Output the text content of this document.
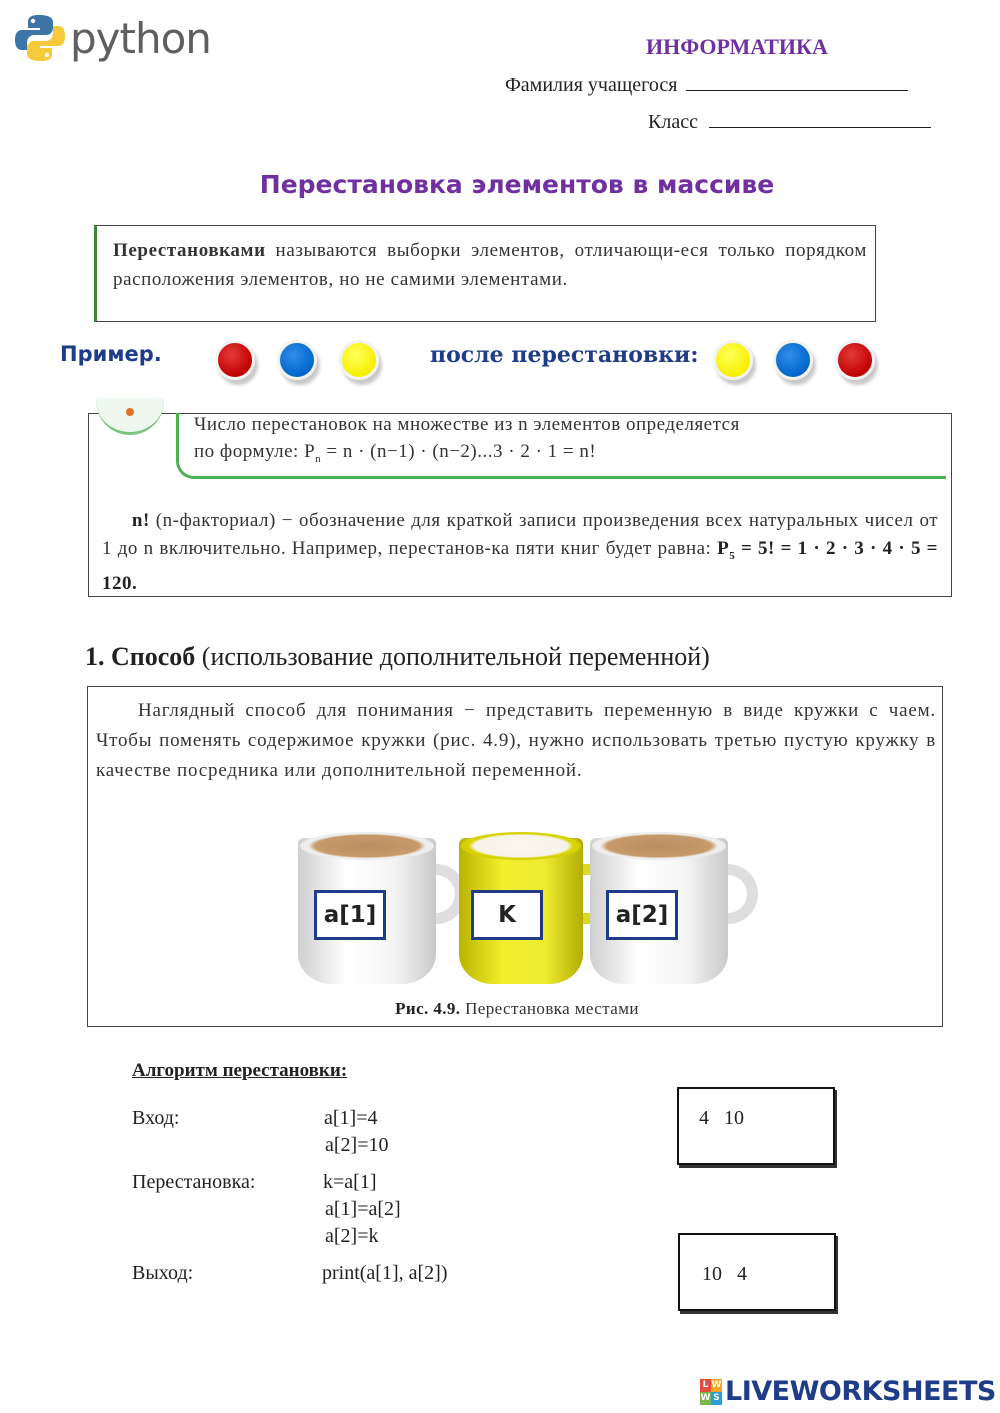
python	ИНФОРМАТИКА
Фамилия учащегося
Класс
Перестановка элементов в массиве

Перестановками называются выборки элементов, отличающи-еся только порядком расположения элементов, но не самими элементами.

Пример.	после перестановки:
Число перестановок на множестве из n элементов определяется
по формуле: $P_n = n \cdot (n-1) \cdot (n-2)...3 \cdot 2 \cdot 1 = n$!
n! (n-факториал) − обозначение для краткой записи произведения всех натуральных чисел от 1 до n включительно. Например, перестанов-ка пяти книг будет равна: $P_5 = 5$! = 1 · 2 · 3 · 4 · 5 = 120.
1. Способ (использование дополнительной переменной)
Наглядный способ для понимания − представить переменную в виде кружки с чаем. Чтобы поменять содержимое кружки (рис. 4.9), нужно использовать третью пустую кружку в качестве посредника или дополнительной переменной.
a[1]	K	a[2]
Рис. 4.9. Перестановка местами
Алгоритм перестановки:
Вход:	a[1]=4
a[2]=10
Перестановка:	k=a[1]
a[1]=a[2]
a[2]=k
Выход:	print(a[1], a[2])
4   10
10   4
L W
W S LIVEWORKSHEETS
